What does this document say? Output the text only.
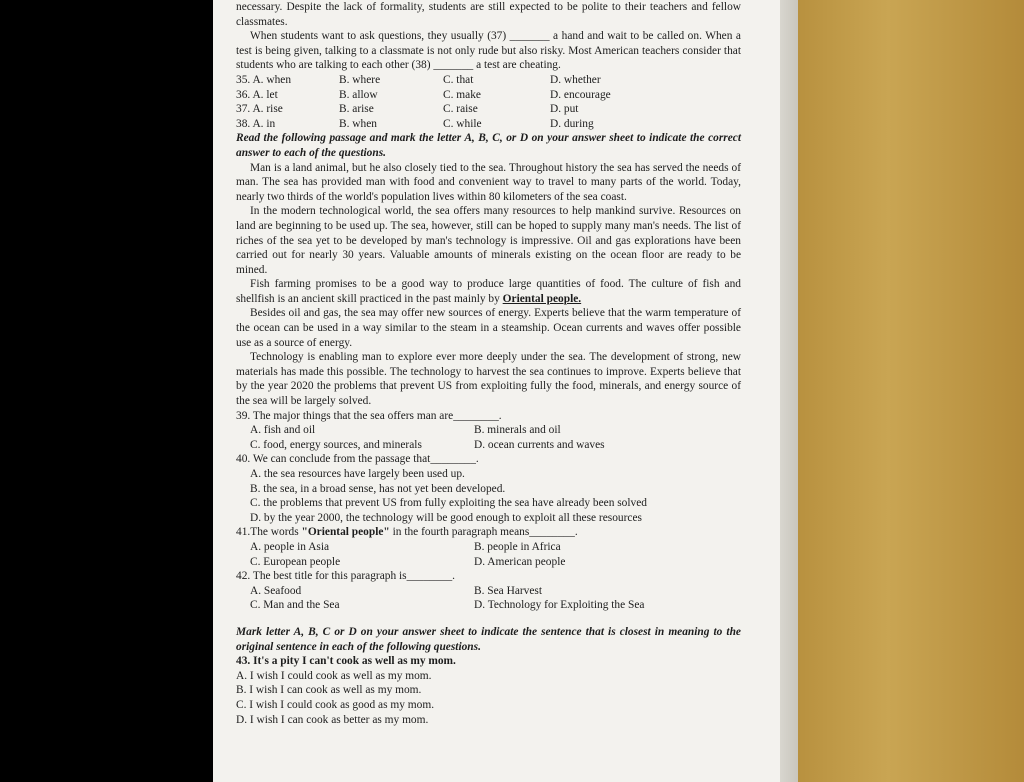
necessary. Despite the lack of formality, students are still expected to be polite to their teachers and fellow classmates.

When students want to ask questions, they usually (37) _______ a hand and wait to be called on. When a test is being given, talking to a classmate is not only rude but also risky. Most American teachers consider that students who are talking to each other (38) _______ a test are cheating.

35. A. when	B. where	C. that	D. whether
36. A. let	B. allow	C. make	D. encourage
37. A. rise	B. arise	C. raise	D. put
38. A. in	B. when	C. while	D. during

Read the following passage and mark the letter A, B, C, or D on your answer sheet to indicate the correct answer to each of the questions.

Man is a land animal, but he also closely tied to the sea. Throughout history the sea has served the needs of man. The sea has provided man with food and convenient way to travel to many parts of the world. Today, nearly two thirds of the world's population lives within 80 kilometers of the sea coast.

In the modern technological world, the sea offers many resources to help mankind survive. Resources on land are beginning to be used up. The sea, however, still can be hoped to supply many man's needs. The list of riches of the sea yet to be developed by man's technology is impressive. Oil and gas explorations have been carried out for nearly 30 years. Valuable amounts of minerals existing on the ocean floor are ready to be mined.

Fish farming promises to be a good way to produce large quantities of food. The culture of fish and shellfish is an ancient skill practiced in the past mainly by Oriental people.

Besides oil and gas, the sea may offer new sources of energy. Experts believe that the warm temperature of the ocean can be used in a way similar to the steam in a steamship. Ocean currents and waves offer possible use as a source of energy.

Technology is enabling man to explore ever more deeply under the sea. The development of strong, new materials has made this possible. The technology to harvest the sea continues to improve. Experts believe that by the year 2020 the problems that prevent US from exploiting fully the food, minerals, and energy source of the sea will be largely solved.

39. The major things that the sea offers man are________.

A. fish and oil	B. minerals and oil
C. food, energy sources, and minerals	D. ocean currents and waves

40. We can conclude from the passage that________.

A. the sea resources have largely been used up.
B. the sea, in a broad sense, has not yet been developed.
C. the problems that prevent US from fully exploiting the sea have already been solved
D. by the year 2000, the technology will be good enough to exploit all these resources

41.The words "Oriental people" in the fourth paragraph means________.

A. people in Asia	B. people in Africa
C. European people	D. American people

42. The best title for this paragraph is________.

A. Seafood	B. Sea Harvest
C. Man and the Sea	D. Technology for Exploiting the Sea

Mark letter A, B, C or D on your answer sheet to indicate the sentence that is closest in meaning to the original sentence in each of the following questions.

43. It's a pity I can't cook as well as my mom.

A. I wish I could cook as well as my mom.
B. I wish I can cook as well as my mom.
C. I wish I could cook as good as my mom.
D. I wish I can cook as better as my mom.
